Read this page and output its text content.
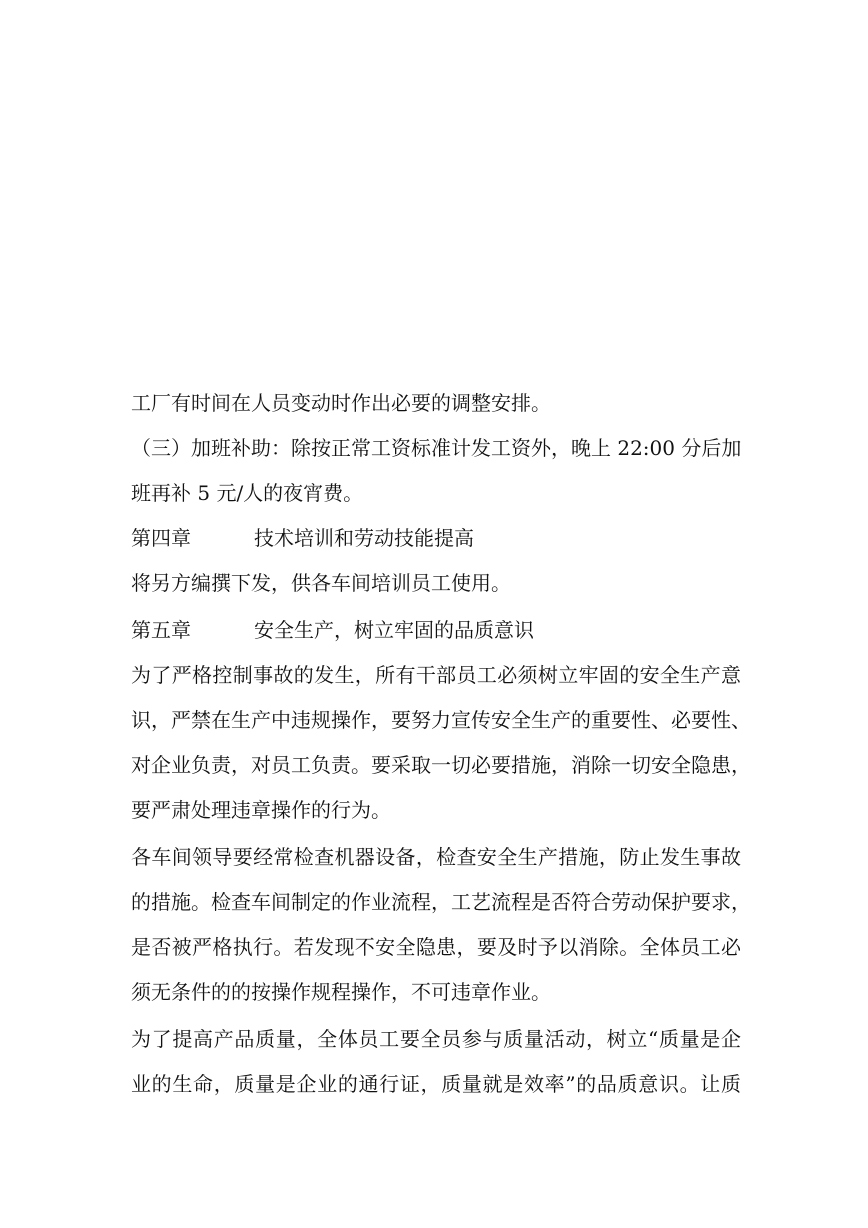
工厂有时间在人员变动时作出必要的调整安排。
（三）加班补助：除按正常工资标准计发工资外，晚上 22:00 分后加
班再补 5 元/人的夜宵费。
第四章	技术培训和劳动技能提高
将另方编撰下发，供各车间培训员工使用。
第五章	安全生产，树立牢固的品质意识
为了严格控制事故的发生，所有干部员工必须树立牢固的安全生产意
识，严禁在生产中违规操作，要努力宣传安全生产的重要性、必要性、
对企业负责，对员工负责。要采取一切必要措施，消除一切安全隐患，
要严肃处理违章操作的行为。
各车间领导要经常检查机器设备，检查安全生产措施，防止发生事故
的措施。检查车间制定的作业流程，工艺流程是否符合劳动保护要求，
是否被严格执行。若发现不安全隐患，要及时予以消除。全体员工必
须无条件的的按操作规程操作，不可违章作业。
为了提高产品质量，全体员工要全员参与质量活动，树立“质量是企
业的生命，质量是企业的通行证，质量就是效率”的品质意识。让质
